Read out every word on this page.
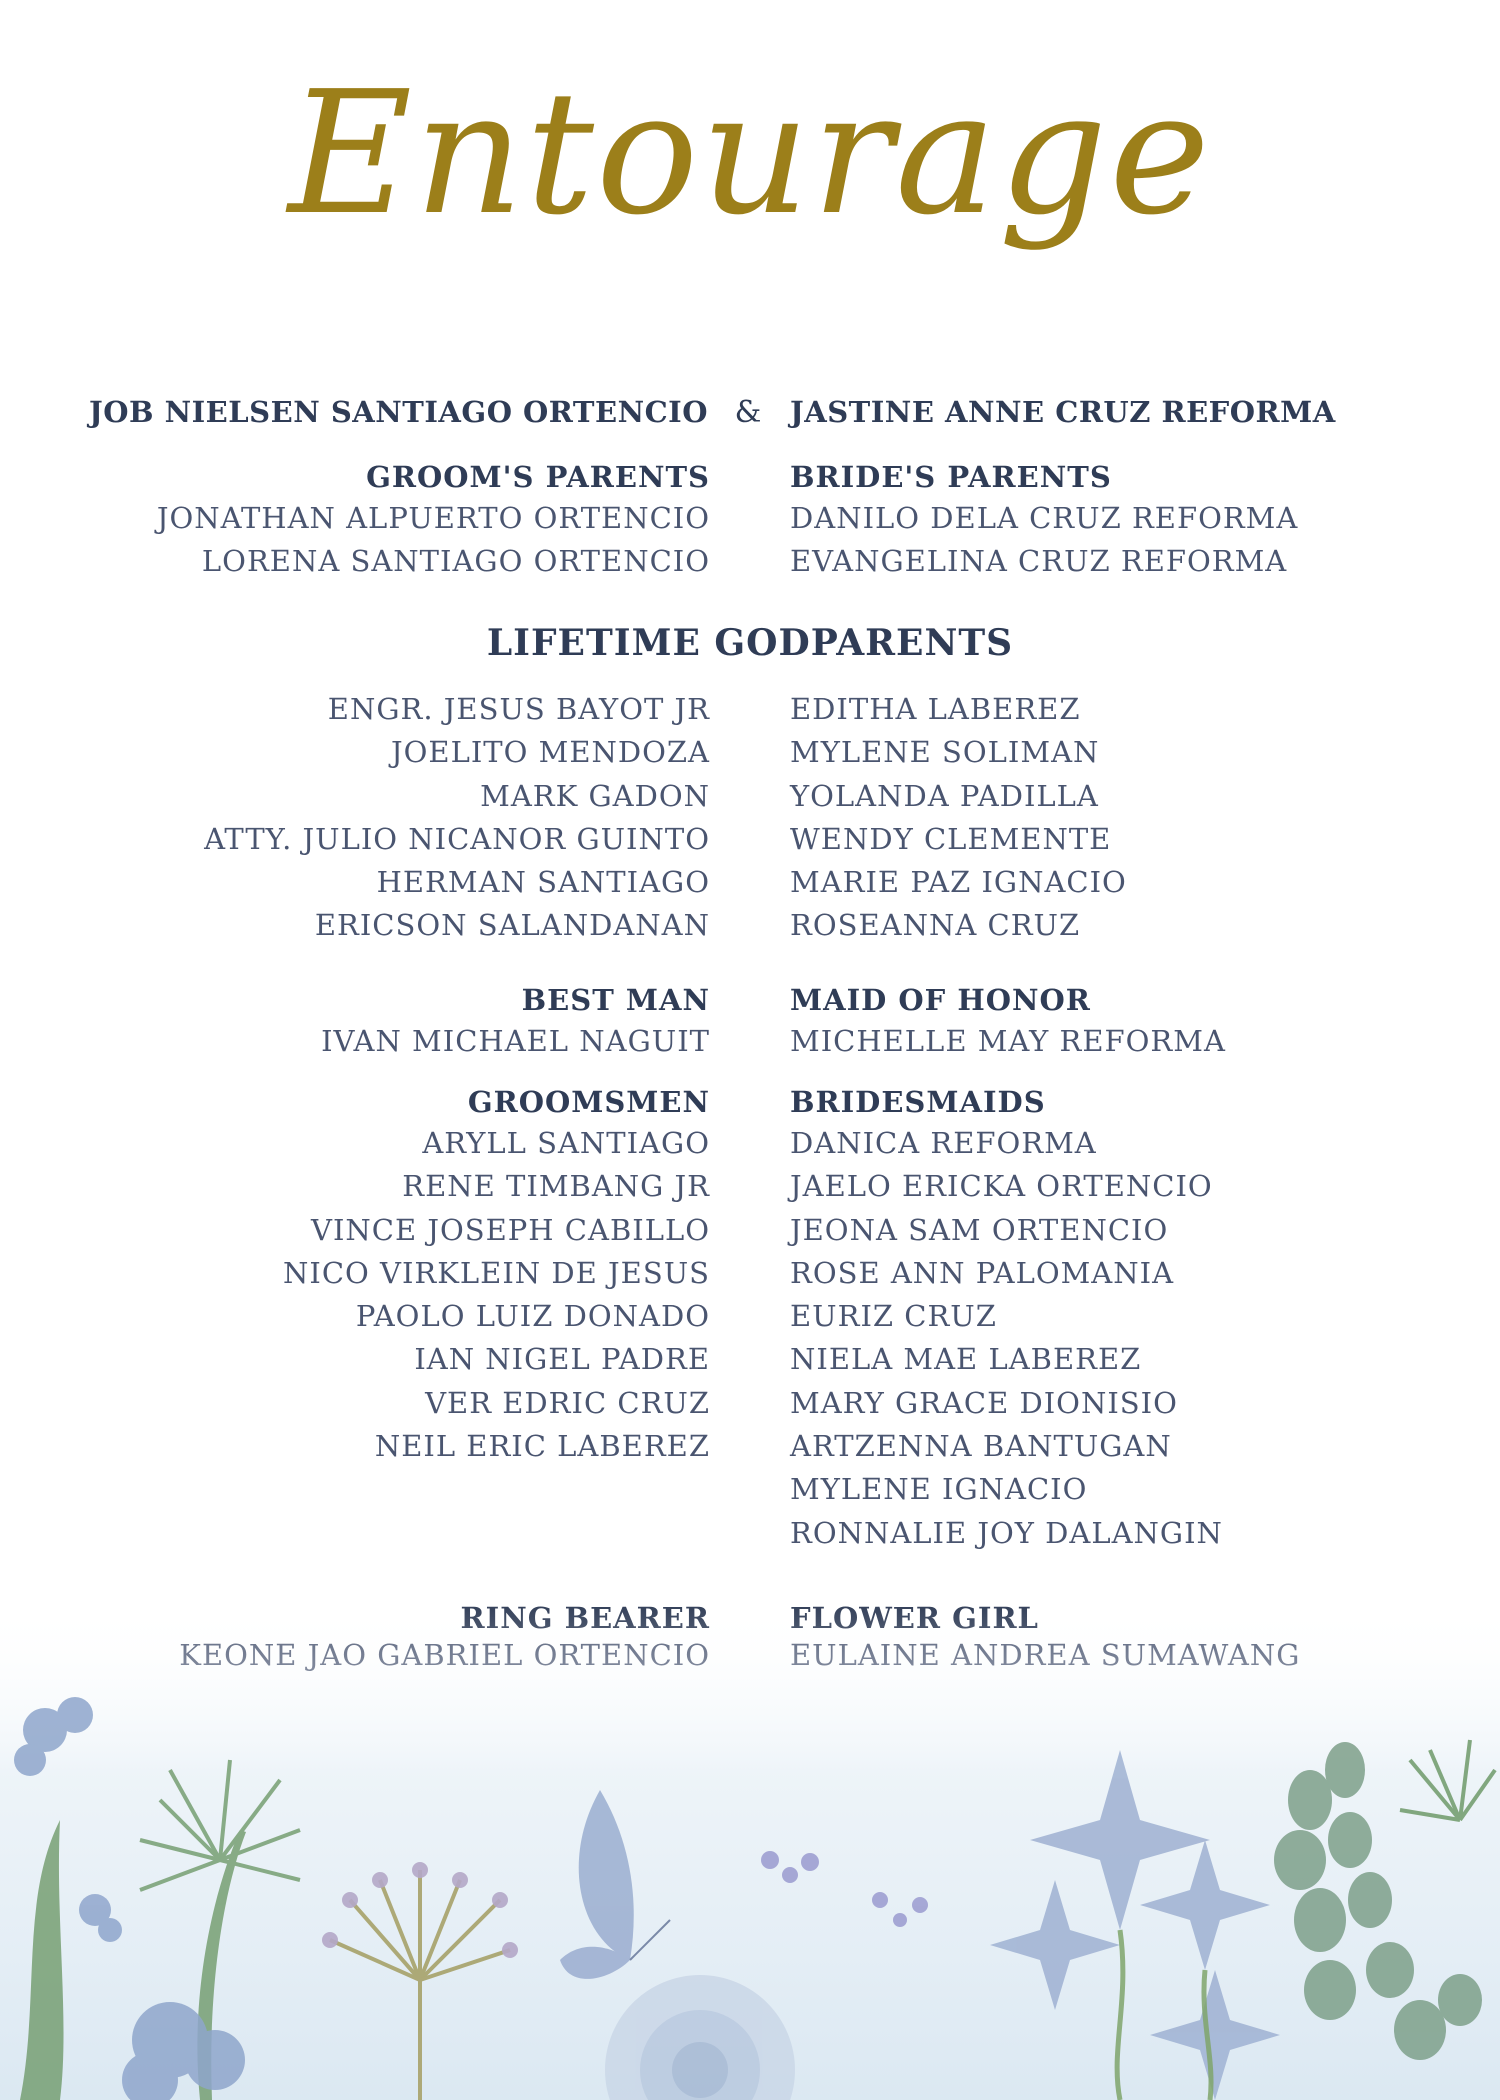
Entourage
JOB NIELSEN SANTIAGO ORTENCIO & JASTINE ANNE CRUZ REFORMA
GROOM'S PARENTS
JONATHAN ALPUERTO ORTENCIO
LORENA SANTIAGO ORTENCIO
BRIDE'S PARENTS
DANILO DELA CRUZ REFORMA
EVANGELINA CRUZ REFORMA
LIFETIME GODPARENTS
ENGR. JESUS BAYOT JR
JOELITO MENDOZA
MARK GADON
ATTY. JULIO NICANOR GUINTO
HERMAN SANTIAGO
ERICSON SALANDANAN
EDITHA LABEREZ
MYLENE SOLIMAN
YOLANDA PADILLA
WENDY CLEMENTE
MARIE PAZ IGNACIO
ROSEANNA CRUZ
BEST MAN
IVAN MICHAEL NAGUIT
MAID OF HONOR
MICHELLE MAY REFORMA
GROOMSMEN
ARYLL SANTIAGO
RENE TIMBANG JR
VINCE JOSEPH CABILLO
NICO VIRKLEIN DE JESUS
PAOLO LUIZ DONADO
IAN NIGEL PADRE
VER EDRIC CRUZ
NEIL ERIC LABEREZ
BRIDESMAIDS
DANICA REFORMA
JAELO ERICKA ORTENCIO
JEONA SAM ORTENCIO
ROSE ANN PALOMANIA
EURIZ CRUZ
NIELA MAE LABEREZ
MARY GRACE DIONISIO
ARTZENNA BANTUGAN
MYLENE IGNACIO
RONNALIE JOY DALANGIN
